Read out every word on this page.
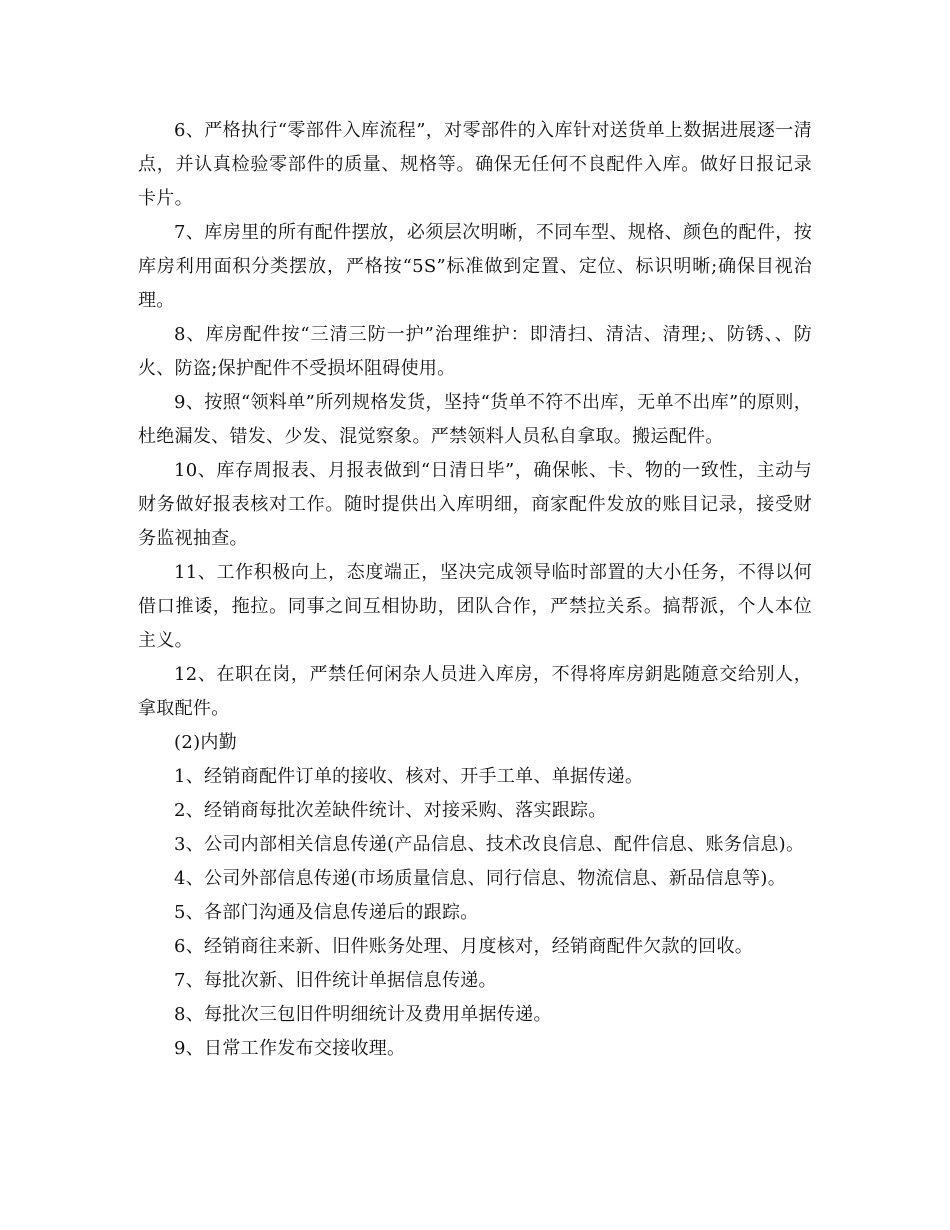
6、严格执行“零部件入库流程”，对零部件的入库针对送货单上数据进展逐一清点，并认真检验零部件的质量、规格等。确保无任何不良配件入库。做好日报记录卡片。

7、库房里的所有配件摆放，必须层次明晰，不同车型、规格、颜色的配件，按库房利用面积分类摆放，严格按“5S”标准做到定置、定位、标识明晰;确保目视治理。

8、库房配件按“三清三防一护”治理维护：即清扫、清洁、清理;、防锈、、防火、防盗;保护配件不受损坏阻碍使用。

9、按照“领料单”所列规格发货，坚持“货单不符不出库，无单不出库”的原则，杜绝漏发、错发、少发、混觉察象。严禁领料人员私自拿取。搬运配件。

10、库存周报表、月报表做到“日清日毕”，确保帐、卡、物的一致性，主动与财务做好报表核对工作。随时提供出入库明细，商家配件发放的账目记录，接受财务监视抽查。

11、工作积极向上，态度端正，坚决完成领导临时部置的大小任务，不得以何借口推诿，拖拉。同事之间互相协助，团队合作，严禁拉关系。搞帮派，个人本位主义。

12、在职在岗，严禁任何闲杂人员进入库房，不得将库房鈅匙随意交给别人，拿取配件。

(2)内勤

1、经销商配件订单的接收、核对、开手工单、单据传递。

2、经销商每批次差缺件统计、对接采购、落实跟踪。

3、公司内部相关信息传递(产品信息、技术改良信息、配件信息、账务信息)。

4、公司外部信息传递(市场质量信息、同行信息、物流信息、新品信息等)。

5、各部门沟通及信息传递后的跟踪。

6、经销商往来新、旧件账务处理、月度核对，经销商配件欠款的回收。

7、每批次新、旧件统计单据信息传递。

8、每批次三包旧件明细统计及费用单据传递。

9、日常工作发布交接收理。
